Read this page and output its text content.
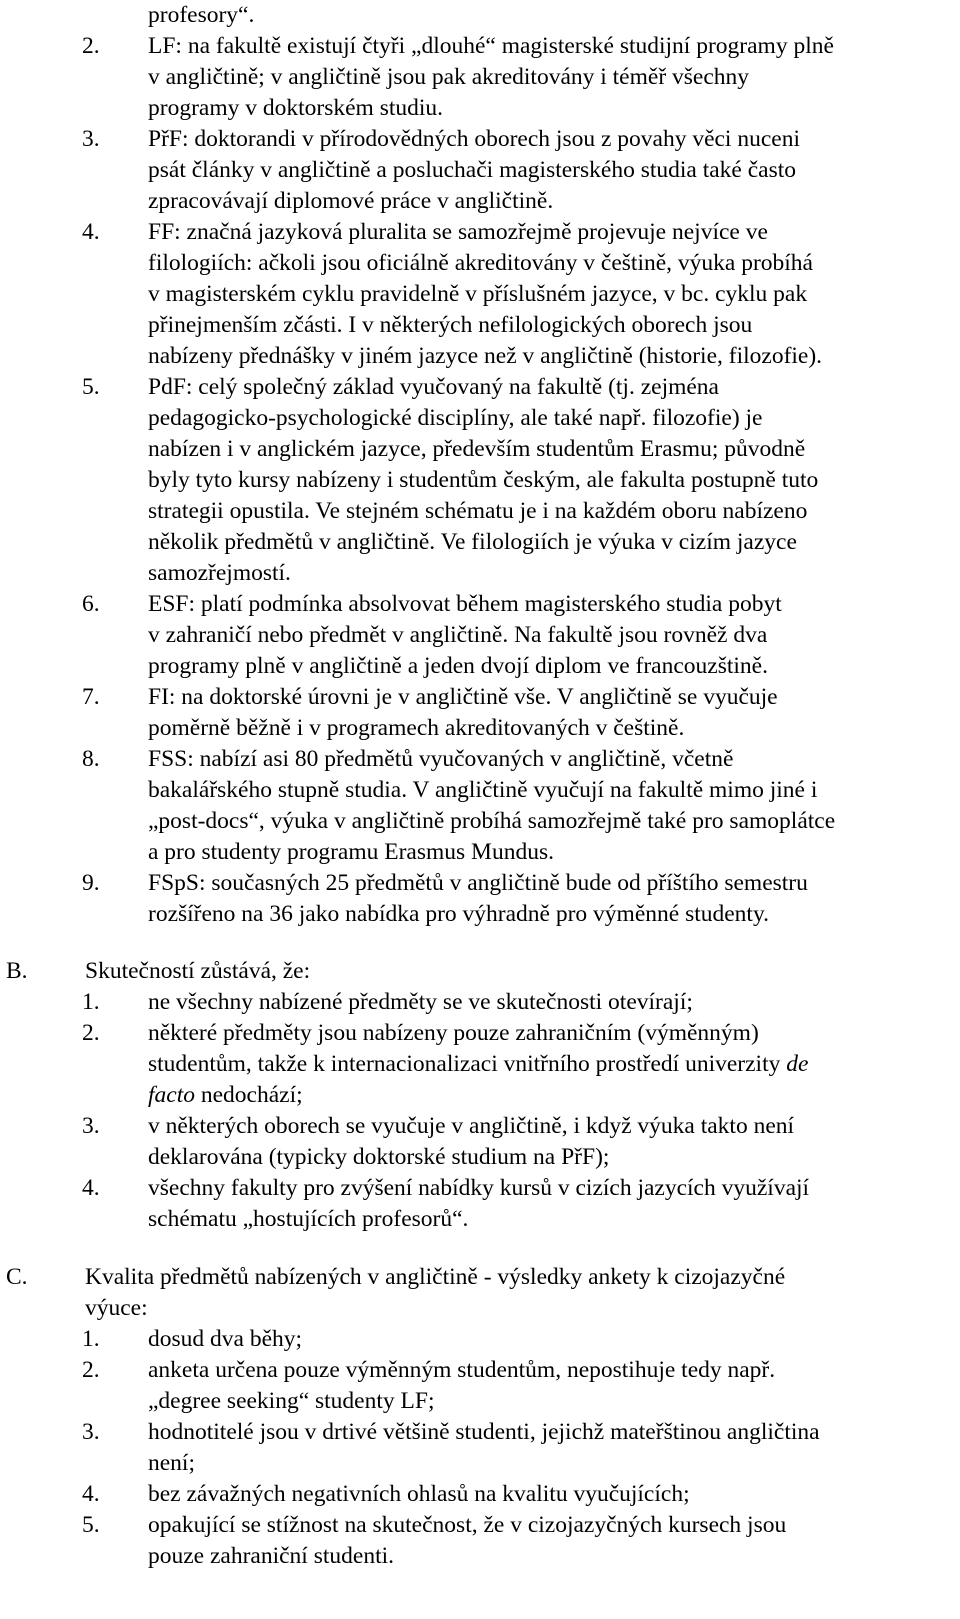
profesory“.
2. LF: na fakultě existují čtyři „dlouhé“ magisterské studijní programy plně
v angličtině; v angličtině jsou pak akreditovány i téměř všechny
programy v doktorském studiu.
3. PřF: doktorandi v přírodovědných oborech jsou z povahy věci nuceni
psát články v angličtině a posluchači magisterského studia také často
zpracovávají diplomové práce v angličtině.
4. FF: značná jazyková pluralita se samozřejmě projevuje nejvíce ve
filologiích: ačkoli jsou oficiálně akreditovány v češtině, výuka probíhá
v magisterském cyklu pravidelně v příslušném jazyce, v bc. cyklu pak
přinejmenším zčásti. I v některých nefilologických oborech jsou
nabízeny přednášky v jiném jazyce než v angličtině (historie, filozofie).
5. PdF: celý společný základ vyučovaný na fakultě (tj. zejména
pedagogicko-psychologické disciplíny, ale také např. filozofie) je
nabízen i v anglickém jazyce, především studentům Erasmu; původně
byly tyto kursy nabízeny i studentům českým, ale fakulta postupně tuto
strategii opustila. Ve stejném schématu je i na každém oboru nabízeno
několik předmětů v angličtině. Ve filologiích je výuka v cizím jazyce
samozřejmostí.
6. ESF: platí podmínka absolvovat během magisterského studia pobyt
v zahraničí nebo předmět v angličtině. Na fakultě jsou rovněž dva
programy plně v angličtině a jeden dvojí diplom ve francouzštině.
7. FI: na doktorské úrovni je v angličtině vše. V angličtině se vyučuje
poměrně běžně i v programech akreditovaných v češtině.
8. FSS: nabízí asi 80 předmětů vyučovaných v angličtině, včetně
bakalářského stupně studia. V angličtině vyučují na fakultě mimo jiné i
„post-docs“, výuka v angličtině probíhá samozřejmě také pro samoplátce
a pro studenty programu Erasmus Mundus.
9. FSpS: současných 25 předmětů v angličtině bude od příštího semestru
rozšířeno na 36 jako nabídka pro výhradně pro výměnné studenty.
B. Skutečností zůstává, že:
1. ne všechny nabízené předměty se ve skutečnosti otevírají;
2. některé předměty jsou nabízeny pouze zahraničním (výměnným)
studentům, takže k internacionalizaci vnitřního prostředí univerzity de
facto nedochází;
3. v některých oborech se vyučuje v angličtině, i když výuka takto není
deklarována (typicky doktorské studium na PřF);
4. všechny fakulty pro zvýšení nabídky kursů v cizích jazycích využívají
schématu „hostujících profesorů“.
C. Kvalita předmětů nabízených v angličtině - výsledky ankety k cizojazyčné
výuce:
1. dosud dva běhy;
2. anketa určena pouze výměnným studentům, nepostihuje tedy např.
„degree seeking“ studenty LF;
3. hodnotitelé jsou v drtivé většině studenti, jejichž mateřštinou angličtina
není;
4. bez závažných negativních ohlasů na kvalitu vyučujících;
5. opakující se stížnost na skutečnost, že v cizojazyčných kursech jsou
pouze zahraniční studenti.
